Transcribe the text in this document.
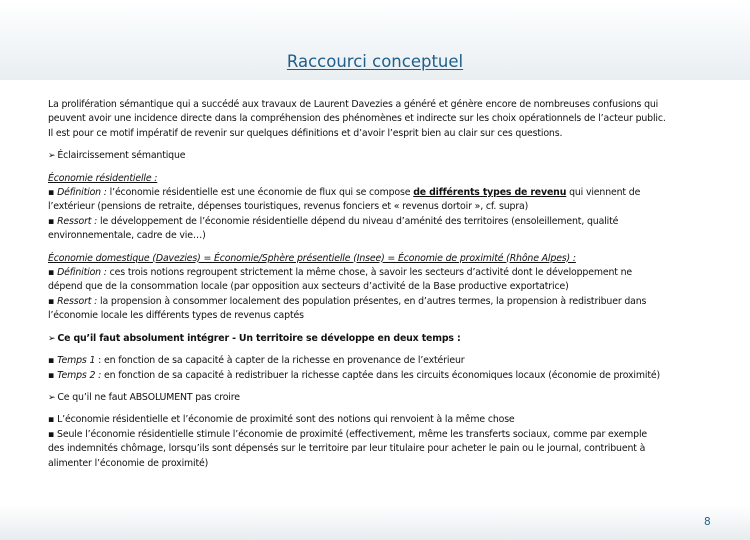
Raccourci conceptuel

La prolifération sémantique qui a succédé aux travaux de Laurent Davezies a généré et génère encore de nombreuses confusions qui

peuvent avoir une incidence directe dans la compréhension des phénomènes et indirecte sur les choix opérationnels de l’acteur public.

Il est pour ce motif impératif de revenir sur quelques définitions et d’avoir l’esprit bien au clair sur ces questions.

➢ Éclaircissement sémantique

Économie résidentielle :

▪ Définition : l’économie résidentielle est une économie de flux qui se compose de différents types de revenu qui viennent de

l’extérieur (pensions de retraite, dépenses touristiques, revenus fonciers et « revenus dortoir », cf. supra)

▪ Ressort : le développement de l’économie résidentielle dépend du niveau d’aménité des territoires (ensoleillement, qualité

environnementale, cadre de vie…)

Économie domestique (Davezies) = Économie/Sphère présentielle (Insee) = Économie de proximité (Rhône Alpes) :

▪ Définition : ces trois notions regroupent strictement la même chose, à savoir les secteurs d’activité dont le développement ne

dépend que de la consommation locale (par opposition aux secteurs d’activité de la Base productive exportatrice)

▪ Ressort : la propension à consommer localement des population présentes, en d’autres termes, la propension à redistribuer dans

l’économie locale les différents types de revenus captés

➢ Ce qu’il faut absolument intégrer - Un territoire se développe en deux temps :

▪ Temps 1 : en fonction de sa capacité à capter de la richesse en provenance de l’extérieur

▪ Temps 2 : en fonction de sa capacité à redistribuer la richesse captée dans les circuits économiques locaux (économie de proximité)

➢ Ce qu’il ne faut ABSOLUMENT pas croire

▪ L’économie résidentielle et l’économie de proximité sont des notions qui renvoient à la même chose

▪ Seule l’économie résidentielle stimule l’économie de proximité (effectivement, même les transferts sociaux, comme par exemple

des indemnités chômage, lorsqu’ils sont dépensés sur le territoire par leur titulaire pour acheter le pain ou le journal, contribuent à

alimenter l’économie de proximité)

8
